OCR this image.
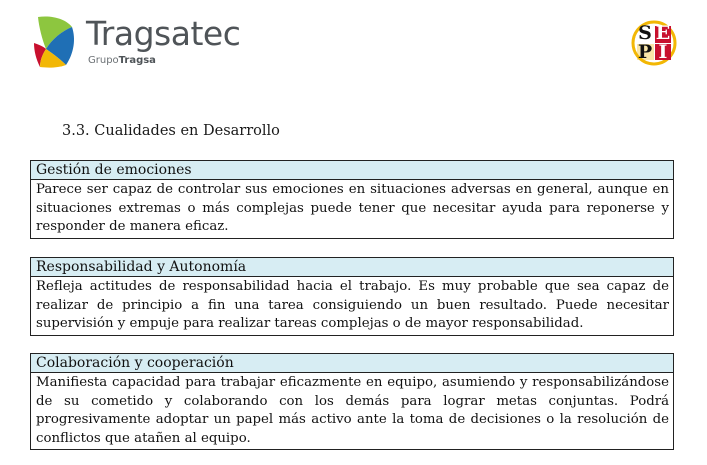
Tragsatec
GrupoTragsa
S E
P I
3.3. Cualidades en Desarrollo
Gestión de emociones
Parece ser capaz de controlar sus emociones en situaciones adversas en general, aunque en situaciones extremas o más complejas puede tener que necesitar ayuda para reponerse y responder de manera eficaz.
Responsabilidad y Autonomía
Refleja actitudes de responsabilidad hacia el trabajo. Es muy probable que sea capaz de realizar de principio a fin una tarea consiguiendo un buen resultado. Puede necesitar supervisión y empuje para realizar tareas complejas o de mayor responsabilidad.
Colaboración y cooperación
Manifiesta capacidad para trabajar eficazmente en equipo, asumiendo y responsabilizándose de su cometido y colaborando con los demás para lograr metas conjuntas. Podrá progresivamente adoptar un papel más activo ante la toma de decisiones o la resolución de conflictos que atañen al equipo.
